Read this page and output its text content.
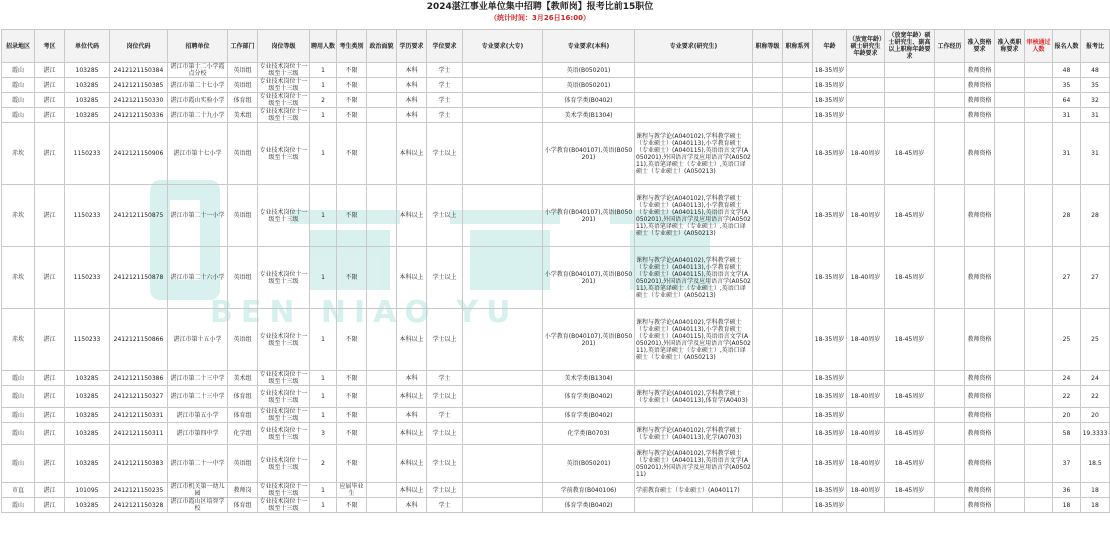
2024湛江事业单位集中招聘【教师岗】报考比前15职位
（统计时间：3月26日16:00）
BEN NIAO YU
招录地区	考区	单位代码	岗位代码	招聘单位	工作部门	岗位等级	聘用人数	考生类别	政治面貌	学历要求	学位要求	专业要求(大专)	专业要求(本科)	专业要求(研究生)	职称等级	职称系列	年龄	（放宽年龄）硕士研究生年龄要求	（放宽年龄）硕士研究生、副高以上职称年龄要求	工作经历	准入资格要求	准入类职称要求	审核通过人数	报名人数	报考比
霞山	湛江	103285	2412121150384	湛江市第十二小学霞点分校	英语组	专业技术岗位十一级至十三级	1	不限		本科	学士		英语(B050201)				18-35周岁				教师资格			48	48
霞山	湛江	103285	2412121150385	湛江市第二十七小学	英语组	专业技术岗位十一级至十三级	1	不限		本科	学士		英语(B050201)				18-35周岁				教师资格			35	35
霞山	湛江	103285	2412121150330	湛江市霞山实验小学	体育组	专业技术岗位十一级至十三级	2	不限		本科	学士		体育学类(B0402)				18-35周岁				教师资格			64	32
霞山	湛江	103285	2412121150336	湛江市第二十九小学	美术组	专业技术岗位十一级至十三级	1	不限		本科	学士		美术学类(B1304)				18-35周岁				教师资格			31	31
赤坎	湛江	1150233	2412121150906	湛江市第十七小学	英语组	专业技术岗位十一级至十三级	1	不限		本科以上	学士以上		小学教育(B040107),英语(B050201)	课程与教学论(A040102),学科教学硕士（专业硕士）(A040113),小学教育硕士（专业硕士）(A040115),英语语言文学(A050201),外国语言学及应用语言学(A050211),英语笔译硕士（专业硕士）,英语口译硕士（专业硕士）(A050213)			18-35周岁	18-40周岁	18-45周岁		教师资格			31	31
赤坎	湛江	1150233	2412121150875	湛江市第二十一小学	英语组	专业技术岗位十一级至十三级	1	不限		本科以上	学士以上		小学教育(B040107),英语(B050201)	课程与教学论(A040102),学科教学硕士（专业硕士）(A040113),小学教育硕士（专业硕士）(A040115),英语语言文学(A050201),外国语言学及应用语言学(A050211),英语笔译硕士（专业硕士）,英语口译硕士（专业硕士）(A050213)			18-35周岁	18-40周岁	18-45周岁		教师资格			28	28
赤坎	湛江	1150233	2412121150878	湛江市第二十六小学	英语组	专业技术岗位十一级至十三级	1	不限		本科以上	学士以上		小学教育(B040107),英语(B050201)	课程与教学论(A040102),学科教学硕士（专业硕士）(A040113),小学教育硕士（专业硕士）(A040115),英语语言文学(A050201),外国语言学及应用语言学(A050211),英语笔译硕士（专业硕士）,英语口译硕士（专业硕士）(A050213)			18-35周岁	18-40周岁	18-45周岁		教师资格			27	27
赤坎	湛江	1150233	2412121150866	湛江市第十五小学	英语组	专业技术岗位十一级至十三级	1	不限		本科以上	学士以上		小学教育(B040107),英语(B050201)	课程与教学论(A040102),学科教学硕士（专业硕士）(A040113),小学教育硕士（专业硕士）(A040115),英语语言文学(A050201),外国语言学及应用语言学(A050211),英语笔译硕士（专业硕士）,英语口译硕士（专业硕士）(A050213)			18-35周岁	18-40周岁	18-45周岁		教师资格			25	25
霞山	湛江	103285	2412121150386	湛江市第二十三中学	美术组	专业技术岗位十一级至十三级	1	不限		本科	学士		美术学类(B1304)				18-35周岁				教师资格			24	24
霞山	湛江	103285	2412121150327	湛江市第二十三中学	体育组	专业技术岗位十一级至十三级	1	不限		本科以上	学士以上		体育学类(B0402)	课程与教学论(A040102),学科教学硕士（专业硕士）(A040113),体育学(A0403)			18-35周岁	18-40周岁	18-45周岁		教师资格			22	22
霞山	湛江	103285	2412121150331	湛江市第五小学	体育组	专业技术岗位十一级至十三级	1	不限		本科	学士		体育学类(B0402)				18-35周岁				教师资格			20	20
霞山	湛江	103285	2412121150311	湛江市第四中学	化学组	专业技术岗位十一级至十三级	3	不限		本科以上	学士以上		化学类(B0703)	课程与教学论(A040102),学科教学硕士（专业硕士）(A040113),化学(A0703)			18-35周岁	18-40周岁	18-45周岁		教师资格			58	19.3333
霞山	湛江	103285	2412121150383	湛江市第二十一中学	英语组	专业技术岗位十一级至十三级	2	不限		本科以上	学士以上		英语(B050201)	课程与教学论(A040102),学科教学硕士（专业硕士）(A040113),英语语言文学(A050201),外国语言学及应用语言学(A050211)			18-35周岁	18-40周岁	18-45周岁		教师资格			37	18.5
市直	湛江	101095	2412121150235	湛江市机关第一幼儿园	教师岗	专业技术岗位十一级至十三级	1	应届毕业生		本科以上	学士以上		学前教育(B040106)	学前教育硕士（专业硕士）(A040117)			18-35周岁	18-40周岁	18-45周岁		教师资格			36	18
霞山	湛江	103285	2412121150328	湛江市霞山区培智学校	体育组	专业技术岗位十一级至十三级	1	不限		本科	学士		体育学类(B0402)				18-35周岁				教师资格			18	18
